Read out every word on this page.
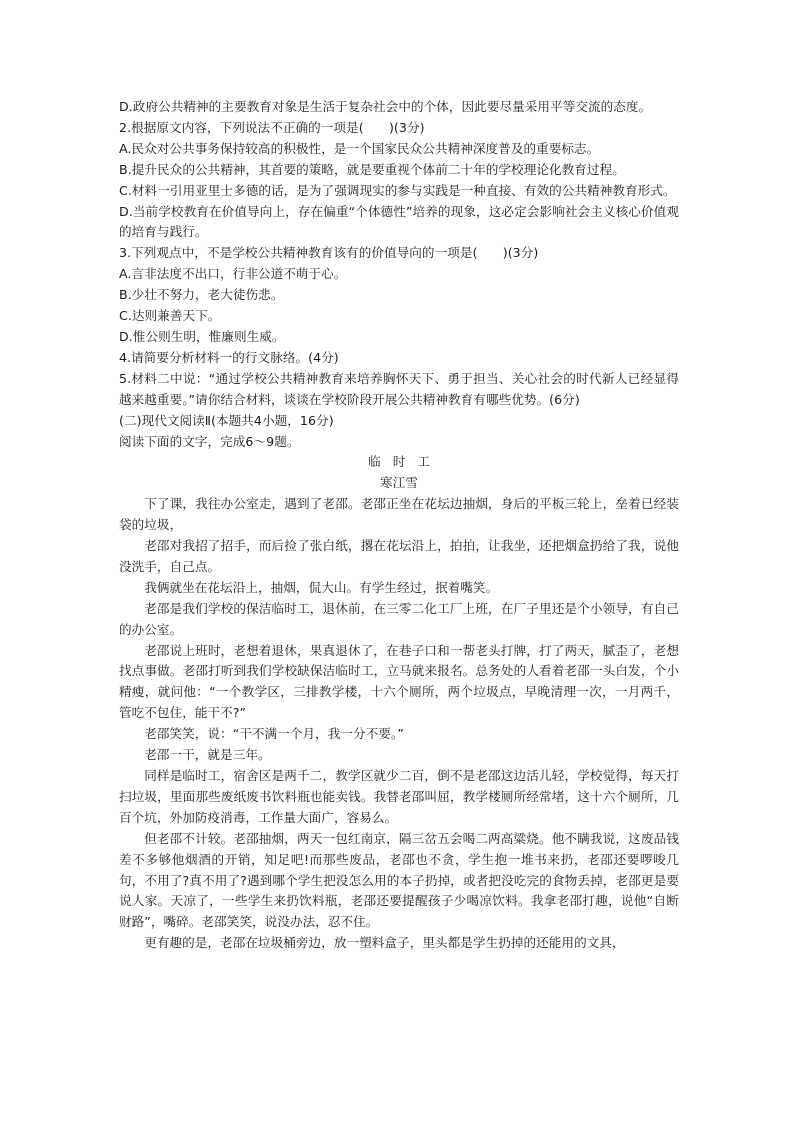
D.政府公共精神的主要教育对象是生活于复杂社会中的个体，因此要尽量采用平等交流的态度。

2.根据原文内容，下列说法不正确的一项是(　　)(3分)

A.民众对公共事务保持较高的积极性，是一个国家民众公共精神深度普及的重要标志。

B.提升民众的公共精神，其首要的策略，就是要重视个体前二十年的学校理论化教育过程。

C.材料一引用亚里士多德的话，是为了强调现实的参与实践是一种直接、有效的公共精神教育形式。

D.当前学校教育在价值导向上，存在偏重“个体德性”培养的现象，这必定会影响社会主义核心价值观的培育与践行。

3.下列观点中，不是学校公共精神教育该有的价值导向的一项是(　　)(3分)

A.言非法度不出口，行非公道不萌于心。

B.少壮不努力，老大徒伤悲。

C.达则兼善天下。

D.惟公则生明，惟廉则生威。

4.请简要分析材料一的行文脉络。(4分)

5.材料二中说：“通过学校公共精神教育来培养胸怀天下、勇于担当、关心社会的时代新人已经显得越来越重要。”请你结合材料，谈谈在学校阶段开展公共精神教育有哪些优势。(6分)

(二)现代文阅读Ⅱ(本题共4小题，16分)

阅读下面的文字，完成6～9题。

临时工

寒江雪

下了课，我往办公室走，遇到了老邵。老邵正坐在花坛边抽烟，身后的平板三轮上，垒着已经装袋的垃圾，

老邵对我招了招手，而后捡了张白纸，撂在花坛沿上，拍拍，让我坐，还把烟盒扔给了我，说他没洗手，自己点。

我俩就坐在花坛沿上，抽烟，侃大山。有学生经过，抿着嘴笑。

老邵是我们学校的保洁临时工，退休前，在三零二化工厂上班，在厂子里还是个小领导，有自己的办公室。

老邵说上班时，老想着退休，果真退休了，在巷子口和一帮老头打牌，打了两天，腻歪了，老想找点事做。老邵打听到我们学校缺保洁临时工，立马就来报名。总务处的人看着老邵一头白发，个小精瘦，就问他：“一个教学区，三排教学楼，十六个厕所，两个垃圾点，早晚清理一次，一月两千，管吃不包住，能干不?”

老邵笑笑，说：“干不满一个月，我一分不要。”

老邵一干，就是三年。

同样是临时工，宿舍区是两千二，教学区就少二百，倒不是老邵这边活儿轻，学校觉得，每天打扫垃圾，里面那些废纸废书饮料瓶也能卖钱。我替老邵叫屈，教学楼厕所经常堵，这十六个厕所，几百个坑，外加防疫消毒，工作量大面广，容易么。

但老邵不计较。老邵抽烟，两天一包红南京，隔三岔五会喝二两高粱烧。他不瞒我说，这废品钱差不多够他烟酒的开销，知足吧!而那些废品，老邵也不贪，学生抱一堆书来扔，老邵还要啰唆几句，不用了?真不用了?遇到哪个学生把没怎么用的本子扔掉，或者把没吃完的食物丢掉，老邵更是要说人家。天凉了，一些学生来扔饮料瓶，老邵还要提醒孩子少喝凉饮料。我拿老邵打趣，说他“自断财路”，嘴碎。老邵笑笑，说没办法，忍不住。

更有趣的是，老邵在垃圾桶旁边，放一塑料盒子，里头都是学生扔掉的还能用的文具，
